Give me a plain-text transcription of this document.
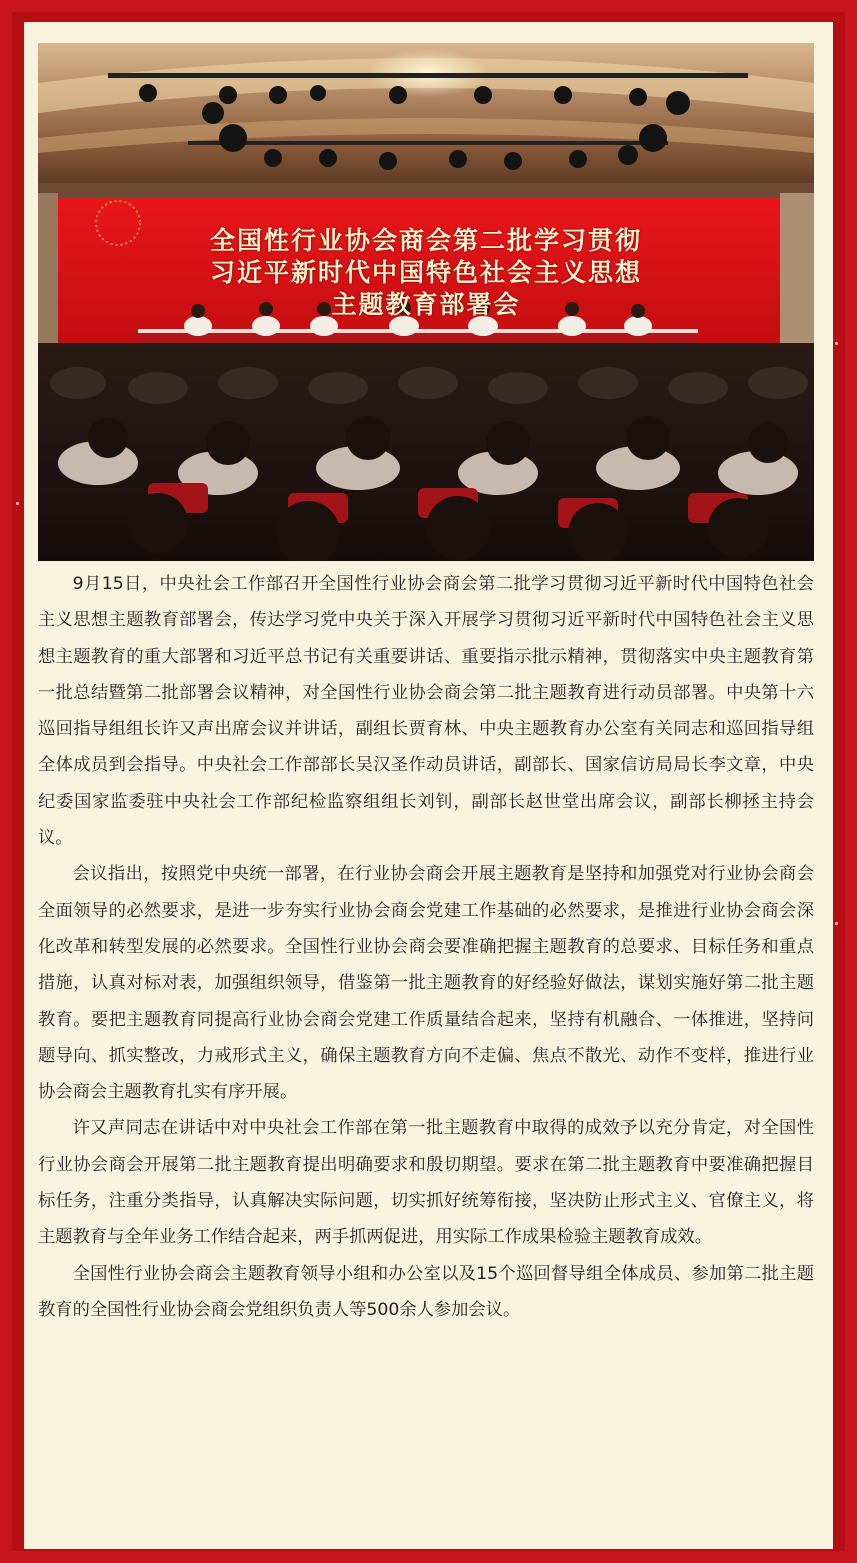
全国性行业协会商会第二批学习贯彻
习近平新时代中国特色社会主义思想
主题教育部署会

9月15日，中央社会工作部召开全国性行业协会商会第二批学习贯彻习近平新时代中国特色社会主义思想主题教育部署会，传达学习党中央关于深入开展学习贯彻习近平新时代中国特色社会主义思想主题教育的重大部署和习近平总书记有关重要讲话、重要指示批示精神，贯彻落实中央主题教育第一批总结暨第二批部署会议精神，对全国性行业协会商会第二批主题教育进行动员部署。中央第十六巡回指导组组长许又声出席会议并讲话，副组长贾育林、中央主题教育办公室有关同志和巡回指导组全体成员到会指导。中央社会工作部部长吴汉圣作动员讲话，副部长、国家信访局局长李文章，中央纪委国家监委驻中央社会工作部纪检监察组组长刘钊，副部长赵世堂出席会议，副部长柳拯主持会议。

会议指出，按照党中央统一部署，在行业协会商会开展主题教育是坚持和加强党对行业协会商会全面领导的必然要求，是进一步夯实行业协会商会党建工作基础的必然要求，是推进行业协会商会深化改革和转型发展的必然要求。全国性行业协会商会要准确把握主题教育的总要求、目标任务和重点措施，认真对标对表，加强组织领导，借鉴第一批主题教育的好经验好做法，谋划实施好第二批主题教育。要把主题教育同提高行业协会商会党建工作质量结合起来，坚持有机融合、一体推进，坚持问题导向、抓实整改，力戒形式主义，确保主题教育方向不走偏、焦点不散光、动作不变样，推进行业协会商会主题教育扎实有序开展。

许又声同志在讲话中对中央社会工作部在第一批主题教育中取得的成效予以充分肯定，对全国性行业协会商会开展第二批主题教育提出明确要求和殷切期望。要求在第二批主题教育中要准确把握目标任务，注重分类指导，认真解决实际问题，切实抓好统筹衔接，坚决防止形式主义、官僚主义，将主题教育与全年业务工作结合起来，两手抓两促进，用实际工作成果检验主题教育成效。

全国性行业协会商会主题教育领导小组和办公室以及15个巡回督导组全体成员、参加第二批主题教育的全国性行业协会商会党组织负责人等500余人参加会议。
